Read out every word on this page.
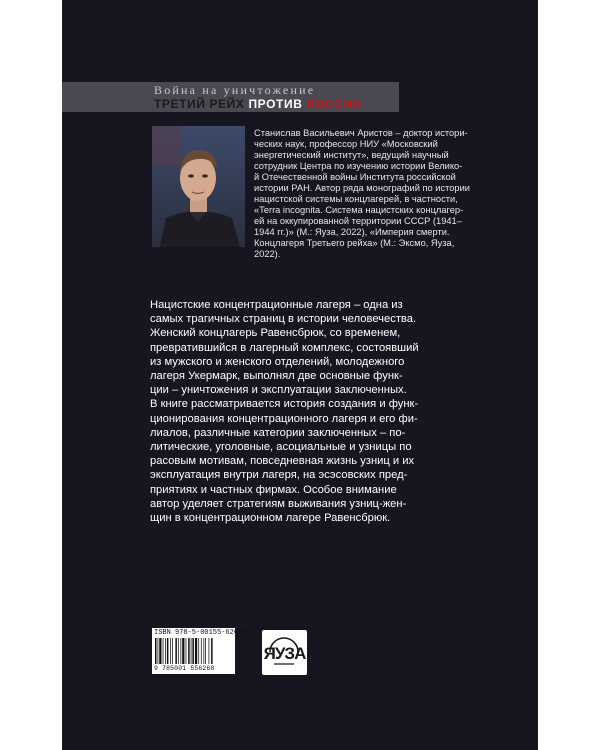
Война на уничтожение
ТРЕТИЙ РЕЙХ ПРОТИВ РОССИИ
Станислав Васильевич Аристов – доктор истори-
ческих наук, профессор НИУ «Московский
энергетический институт», ведущий научный
сотрудник Центра по изучению истории Велико-
й Отечественной войны Института российской
истории РАН. Автор ряда монографий по истории
нацистской системы концлагерей, в частности,
«Terra incognita. Система нацистских концлагер-
ей на оккупированной территории СССР (1941–
1944 гг.)» (М.: Яуза, 2022), «Империя смерти.
Концлагеря Третьего рейха» (М.: Эксмо, Яуза,
2022).
Нацистские концентрационные лагеря – одна из
самых трагичных страниц в истории человечества.
Женский концлагерь Равенсбрюк, со временем,
превратившийся в лагерный комплекс, состоявший
из мужского и женского отделений, молодежного
лагеря Укермарк, выполнял две основные функ-
ции – уничтожения и эксплуатации заключенных.
В книге рассматривается история создания и функ-
ционирования концентрационного лагеря и его фи-
лиалов, различные категории заключенных – по-
литические, уголовные, асоциальные и узницы по
расовым мотивам, повседневная жизнь узниц и их
эксплуатация внутри лагеря, на эсэсовских пред-
приятиях и частных фирмах. Особое внимание
автор уделяет стратегиям выживания узниц-жен-
щин в концентрационном лагере Равенсбрюк.
ISBN 978-5-00155-626-8
9 785001 556268
ЯУЗА
